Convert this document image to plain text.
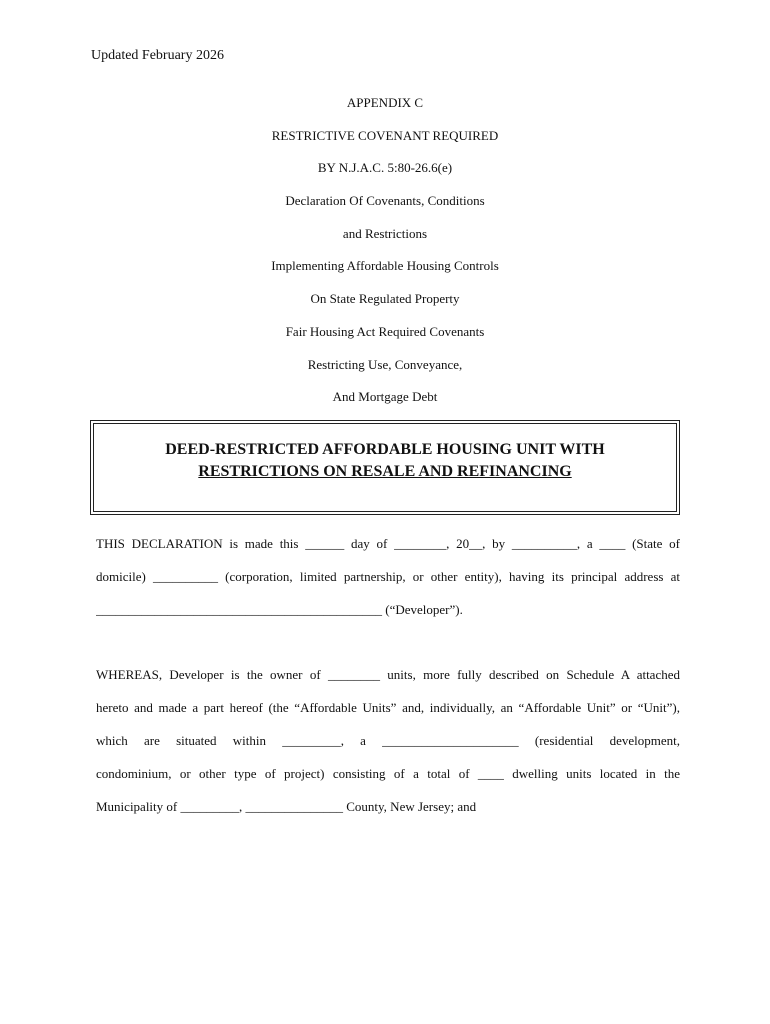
Updated February 2026

APPENDIX C
RESTRICTIVE COVENANT REQUIRED
BY N.J.A.C. 5:80-26.6(e)
Declaration Of Covenants, Conditions
and Restrictions
Implementing Affordable Housing Controls
On State Regulated Property
Fair Housing Act Required Covenants
Restricting Use, Conveyance,
And Mortgage Debt
DEED-RESTRICTED AFFORDABLE HOUSING UNIT WITH
RESTRICTIONS ON RESALE AND REFINANCING
THIS DECLARATION is made this ______ day of ________, 20__, by __________, a ____ (State of
domicile) __________ (corporation, limited partnership, or other entity), having its principal address at
____________________________________________ (“Developer”).
WHEREAS, Developer is the owner of ________ units, more fully described on Schedule A attached
hereto and made a part hereof (the “Affordable Units” and, individually, an “Affordable Unit” or “Unit”),
which are situated within _________, a _____________________ (residential development,
condominium, or other type of project) consisting of a total of ____ dwelling units located in the
Municipality of _________, _______________ County, New Jersey; and
